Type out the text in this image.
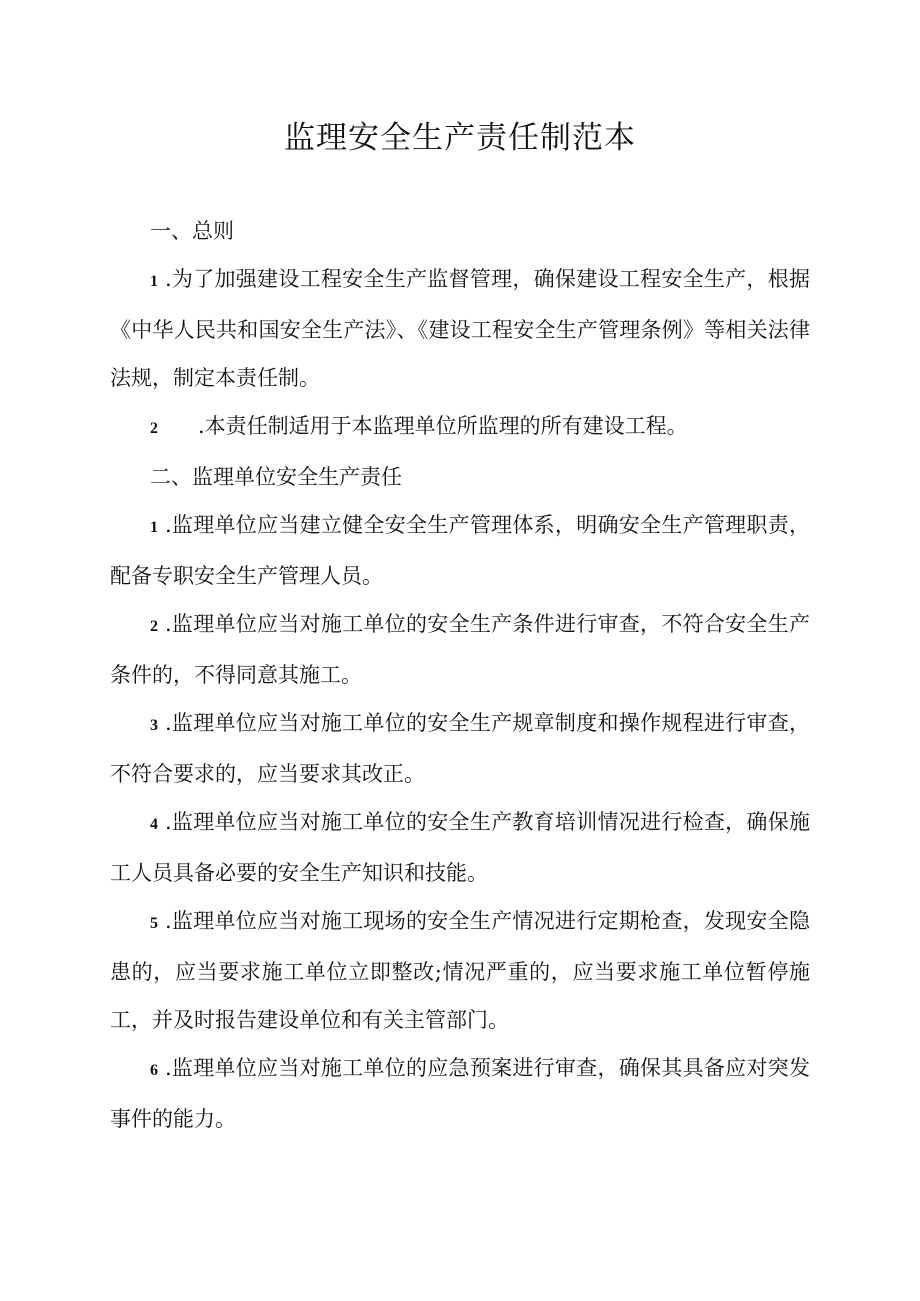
监理安全生产责任制范本

一、总则

1 .为了加强建设工程安全生产监督管理，确保建设工程安全生产，根据《中华人民共和国安全生产法》、《建设工程安全生产管理条例》等相关法律法规，制定本责任制。

2 .本责任制适用于本监理单位所监理的所有建设工程。

二、监理单位安全生产责任

1 .监理单位应当建立健全安全生产管理体系，明确安全生产管理职责，配备专职安全生产管理人员。

2 .监理单位应当对施工单位的安全生产条件进行审查，不符合安全生产条件的，不得同意其施工。

3 .监理单位应当对施工单位的安全生产规章制度和操作规程进行审查，不符合要求的，应当要求其改正。

4 .监理单位应当对施工单位的安全生产教育培训情况进行检查，确保施工人员具备必要的安全生产知识和技能。

5 .监理单位应当对施工现场的安全生产情况进行定期枪查，发现安全隐患的，应当要求施工单位立即整改;情况严重的，应当要求施工单位暂停施工，并及时报告建设单位和有关主管部门。

6 .监理单位应当对施工单位的应急预案进行审查，确保其具备应对突发事件的能力。
